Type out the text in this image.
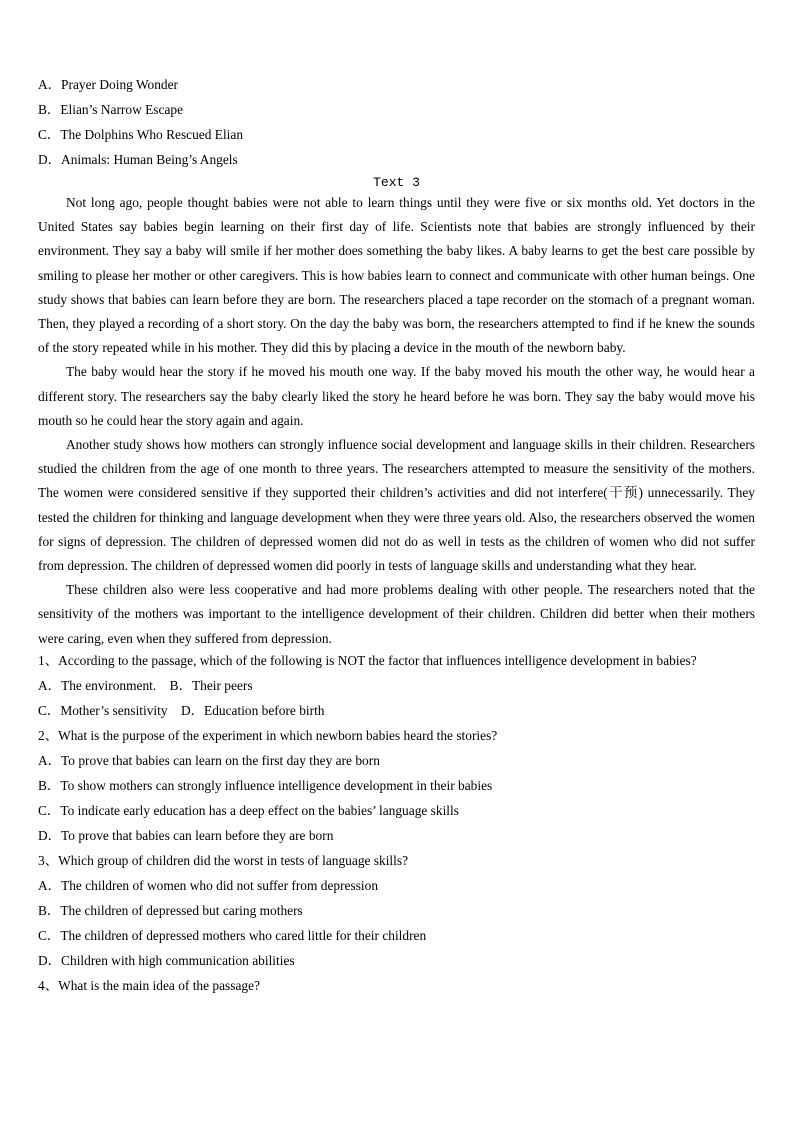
A．Prayer Doing Wonder
B．Elian’s Narrow Escape
C．The Dolphins Who Rescued Elian
D．Animals: Human Being’s Angels
Text 3

Not long ago, people thought babies were not able to learn things until they were five or six months old. Yet doctors in the United States say babies begin learning on their first day of life. Scientists note that babies are strongly influenced by their environment. They say a baby will smile if her mother does something the baby likes. A baby learns to get the best care possible by smiling to please her mother or other caregivers. This is how babies learn to connect and communicate with other human beings. One study shows that babies can learn before they are born. The researchers placed a tape recorder on the stomach of a pregnant woman. Then, they played a recording of a short story. On the day the baby was born, the researchers attempted to find if he knew the sounds of the story repeated while in his mother. They did this by placing a device in the mouth of the newborn baby.

The baby would hear the story if he moved his mouth one way. If the baby moved his mouth the other way, he would hear a different story. The researchers say the baby clearly liked the story he heard before he was born. They say the baby would move his mouth so he could hear the story again and again.

Another study shows how mothers can strongly influence social development and language skills in their children. Researchers studied the children from the age of one month to three years. The researchers attempted to measure the sensitivity of the mothers. The women were considered sensitive if they supported their children’s activities and did not interfere(干预) unnecessarily. They tested the children for thinking and language development when they were three years old. Also, the researchers observed the women for signs of depression. The children of depressed women did not do as well in tests as the children of women who did not suffer from depression. The children of depressed women did poorly in tests of language skills and understanding what they hear.

These children also were less cooperative and had more problems dealing with other people. The researchers noted that the sensitivity of the mothers was important to the intelligence development of their children. Children did better when their mothers were caring, even when they suffered from depression.

1、According to the passage, which of the following is NOT the factor that influences intelligence development in babies?
A．The environment.　B．Their peers
C．Mother’s sensitivity　D．Education before birth
2、What is the purpose of the experiment in which newborn babies heard the stories?
A．To prove that babies can learn on the first day they are born
B．To show mothers can strongly influence intelligence development in their babies
C．To indicate early education has a deep effect on the babies’ language skills
D．To prove that babies can learn before they are born
3、Which group of children did the worst in tests of language skills?
A．The children of women who did not suffer from depression
B．The children of depressed but caring mothers
C．The children of depressed mothers who cared little for their children
D．Children with high communication abilities
4、What is the main idea of the passage?
